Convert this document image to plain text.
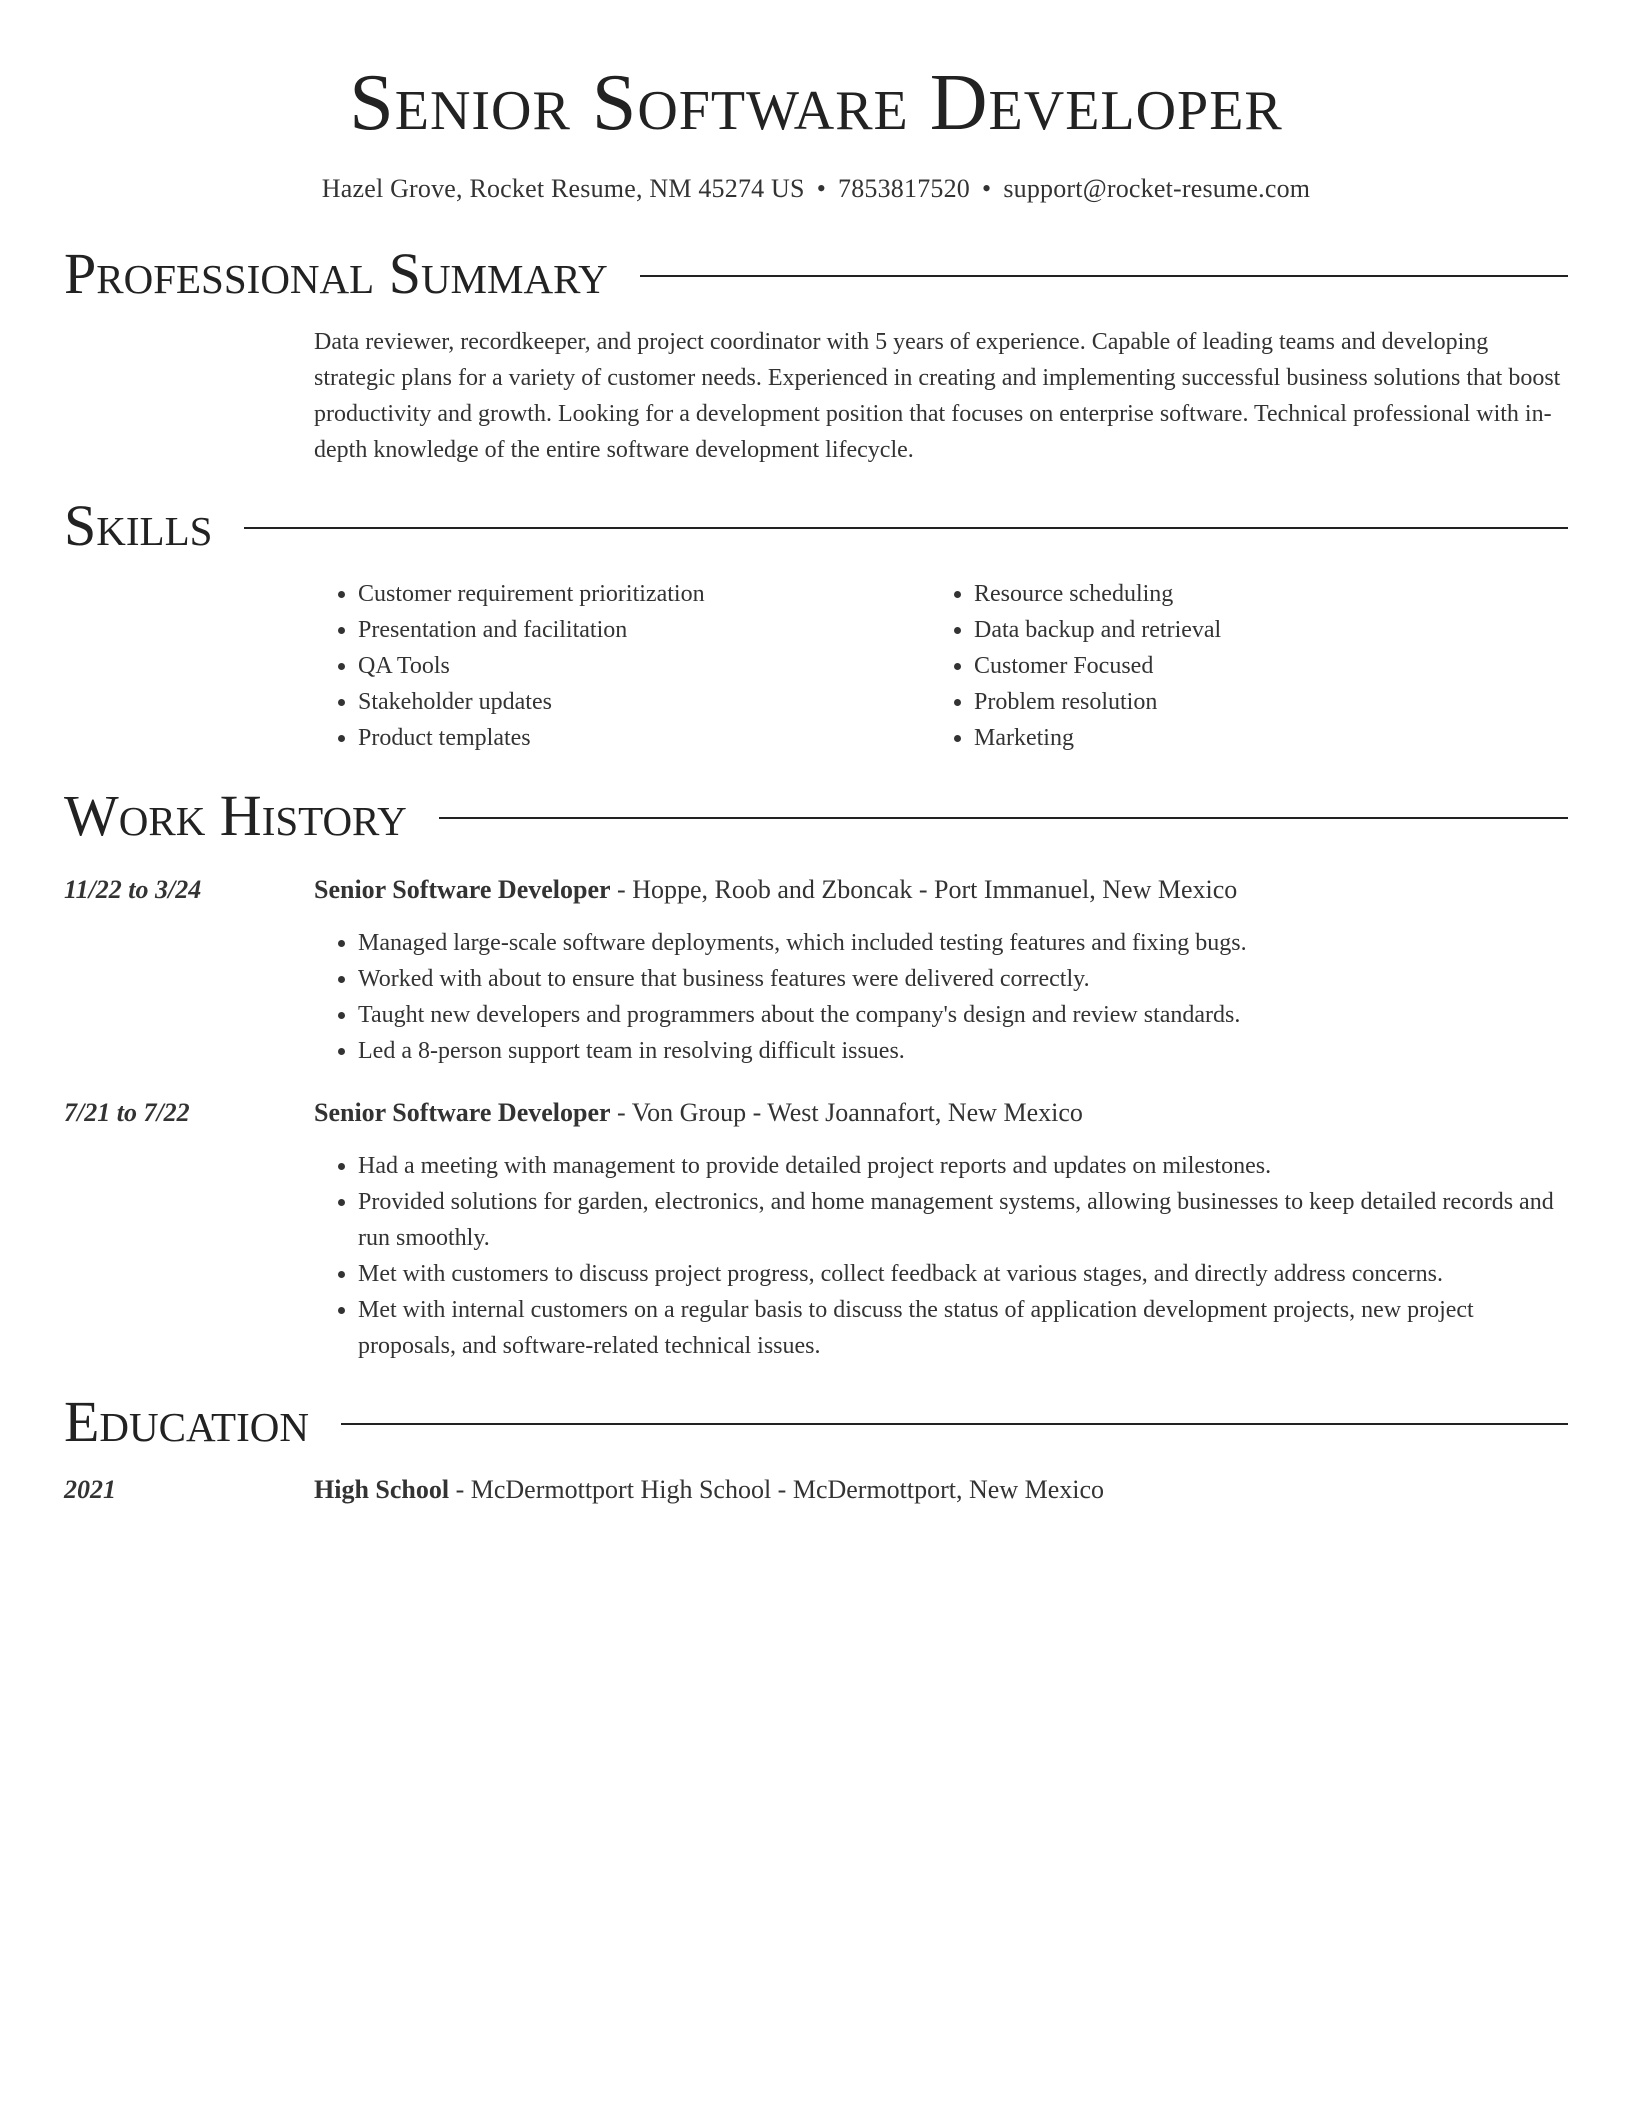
Senior Software Developer
Hazel Grove, Rocket Resume, NM 45274 US • 7853817520 • support@rocket-resume.com
Professional Summary
Data reviewer, recordkeeper, and project coordinator with 5 years of experience. Capable of leading teams and developing strategic plans for a variety of customer needs. Experienced in creating and implementing successful business solutions that boost productivity and growth. Looking for a development position that focuses on enterprise software. Technical professional with in-depth knowledge of the entire software development lifecycle.
Skills
• Customer requirement prioritization
• Presentation and facilitation
• QA Tools
• Stakeholder updates
• Product templates
• Resource scheduling
• Data backup and retrieval
• Customer Focused
• Problem resolution
• Marketing
Work History
11/22 to 3/24	Senior Software Developer - Hoppe, Roob and Zboncak - Port Immanuel, New Mexico
• Managed large-scale software deployments, which included testing features and fixing bugs.
• Worked with about to ensure that business features were delivered correctly.
• Taught new developers and programmers about the company's design and review standards.
• Led a 8-person support team in resolving difficult issues.
7/21 to 7/22	Senior Software Developer - Von Group - West Joannafort, New Mexico
• Had a meeting with management to provide detailed project reports and updates on milestones.
• Provided solutions for garden, electronics, and home management systems, allowing businesses to keep detailed records and run smoothly.
• Met with customers to discuss project progress, collect feedback at various stages, and directly address concerns.
• Met with internal customers on a regular basis to discuss the status of application development projects, new project proposals, and software-related technical issues.
Education
2021	High School - McDermottport High School - McDermottport, New Mexico
